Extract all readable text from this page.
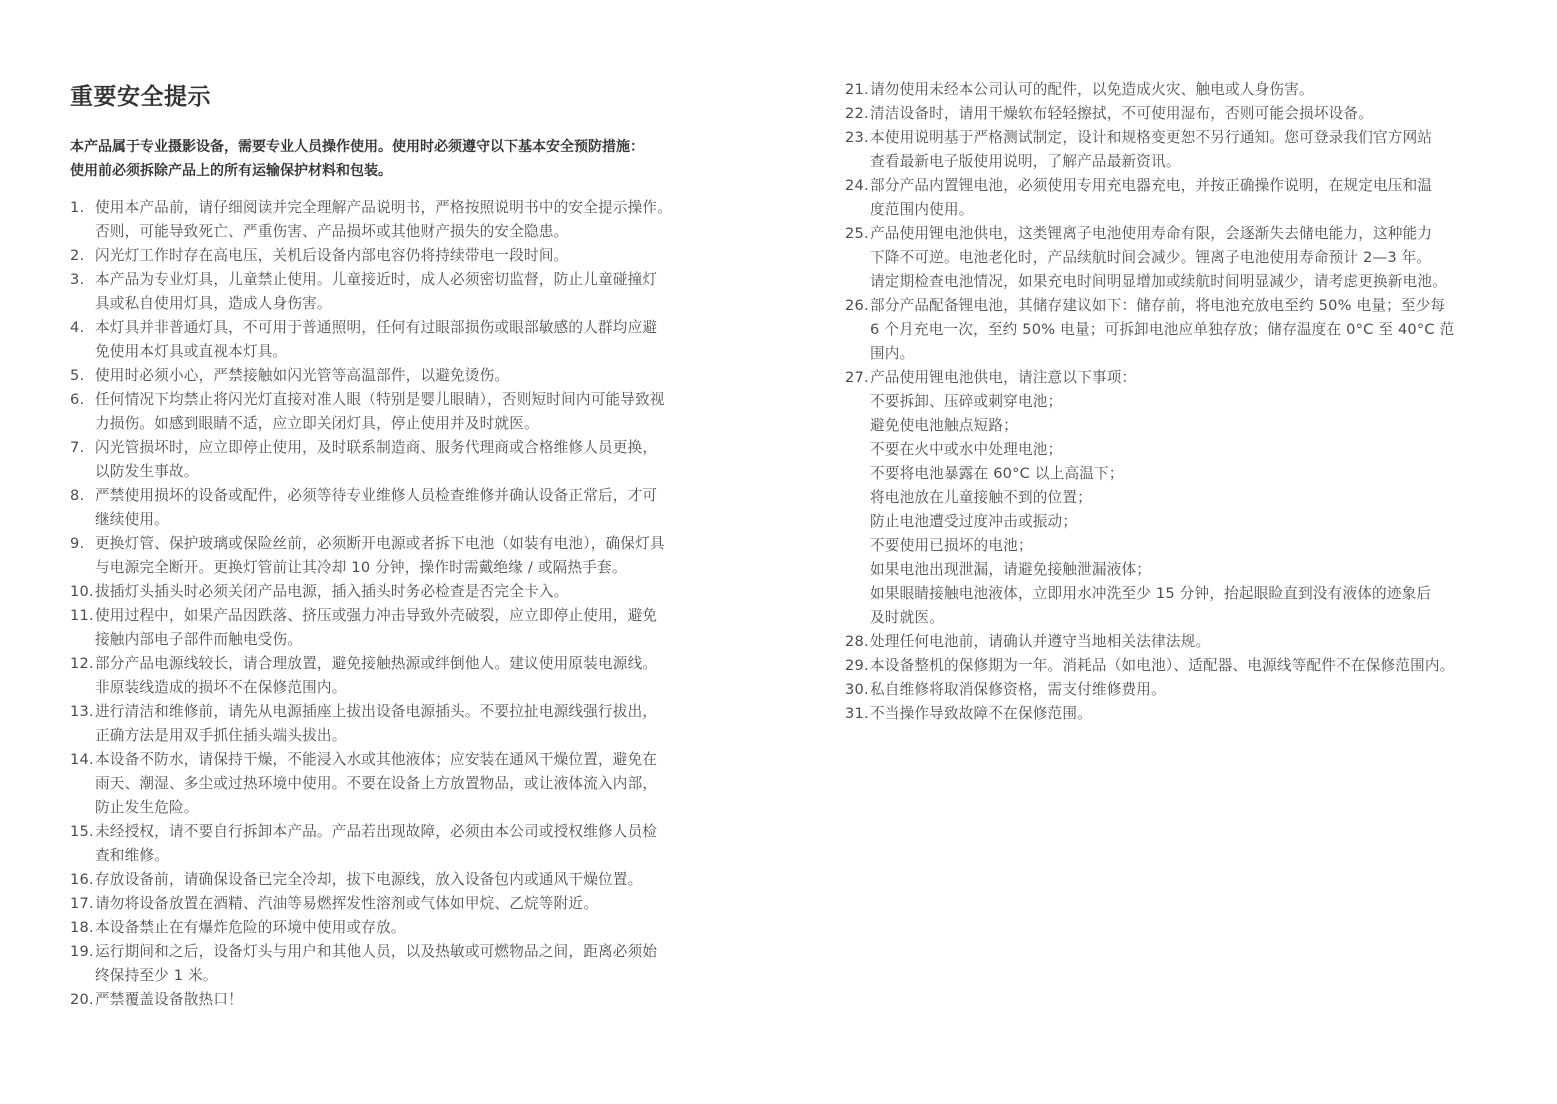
重要安全提示
本产品属于专业摄影设备，需要专业人员操作使用。使用时必须遵守以下基本安全预防措施：
使用前必须拆除产品上的所有运输保护材料和包装。
1. 使用本产品前，请仔细阅读并完全理解产品说明书，严格按照说明书中的安全提示操作。
否则，可能导致死亡、严重伤害、产品损坏或其他财产损失的安全隐患。
2. 闪光灯工作时存在高电压，关机后设备内部电容仍将持续带电一段时间。
3. 本产品为专业灯具，儿童禁止使用。儿童接近时，成人必须密切监督，防止儿童碰撞灯
具或私自使用灯具，造成人身伤害。
4. 本灯具并非普通灯具，不可用于普通照明，任何有过眼部损伤或眼部敏感的人群均应避
免使用本灯具或直视本灯具。
5. 使用时必须小心，严禁接触如闪光管等高温部件，以避免烫伤。
6. 任何情况下均禁止将闪光灯直接对准人眼（特别是婴儿眼睛），否则短时间内可能导致视
力损伤。如感到眼睛不适，应立即关闭灯具，停止使用并及时就医。
7. 闪光管损坏时，应立即停止使用，及时联系制造商、服务代理商或合格维修人员更换，
以防发生事故。
8. 严禁使用损坏的设备或配件，必须等待专业维修人员检查维修并确认设备正常后，才可
继续使用。
9. 更换灯管、保护玻璃或保险丝前，必须断开电源或者拆下电池（如装有电池），确保灯具
与电源完全断开。更换灯管前让其冷却 10 分钟，操作时需戴绝缘 / 或隔热手套。
10. 拔插灯头插头时必须关闭产品电源，插入插头时务必检查是否完全卡入。
11. 使用过程中，如果产品因跌落、挤压或强力冲击导致外壳破裂，应立即停止使用，避免
接触内部电子部件而触电受伤。
12. 部分产品电源线较长，请合理放置，避免接触热源或绊倒他人。建议使用原装电源线。
非原装线造成的损坏不在保修范围内。
13. 进行清洁和维修前，请先从电源插座上拔出设备电源插头。不要拉扯电源线强行拔出，
正确方法是用双手抓住插头端头拔出。
14. 本设备不防水，请保持干燥，不能浸入水或其他液体；应安装在通风干燥位置，避免在
雨天、潮湿、多尘或过热环境中使用。不要在设备上方放置物品，或让液体流入内部，
防止发生危险。
15. 未经授权，请不要自行拆卸本产品。产品若出现故障，必须由本公司或授权维修人员检
查和维修。
16. 存放设备前，请确保设备已完全冷却，拔下电源线，放入设备包内或通风干燥位置。
17. 请勿将设备放置在酒精、汽油等易燃挥发性溶剂或气体如甲烷、乙烷等附近。
18. 本设备禁止在有爆炸危险的环境中使用或存放。
19. 运行期间和之后，设备灯头与用户和其他人员，以及热敏或可燃物品之间，距离必须始
终保持至少 1 米。
20. 严禁覆盖设备散热口！
21. 请勿使用未经本公司认可的配件，以免造成火灾、触电或人身伤害。
22. 清洁设备时，请用干燥软布轻轻擦拭，不可使用湿布，否则可能会损坏设备。
23. 本使用说明基于严格测试制定，设计和规格变更恕不另行通知。您可登录我们官方网站
查看最新电子版使用说明，了解产品最新资讯。
24. 部分产品内置锂电池，必须使用专用充电器充电，并按正确操作说明，在规定电压和温
度范围内使用。
25. 产品使用锂电池供电，这类锂离子电池使用寿命有限，会逐渐失去储电能力，这种能力
下降不可逆。电池老化时，产品续航时间会减少。锂离子电池使用寿命预计 2—3 年。
请定期检查电池情况，如果充电时间明显增加或续航时间明显减少，请考虑更换新电池。
26. 部分产品配备锂电池，其储存建议如下：储存前，将电池充放电至约 50% 电量；至少每
6 个月充电一次，至约 50% 电量；可拆卸电池应单独存放；储存温度在 0°C 至 40°C 范
围内。
27. 产品使用锂电池供电，请注意以下事项：
不要拆卸、压碎或刺穿电池；
避免使电池触点短路；
不要在火中或水中处理电池；
不要将电池暴露在 60°C 以上高温下；
将电池放在儿童接触不到的位置；
防止电池遭受过度冲击或振动；
不要使用已损坏的电池；
如果电池出现泄漏，请避免接触泄漏液体；
如果眼睛接触电池液体，立即用水冲洗至少 15 分钟，抬起眼睑直到没有液体的迹象后
及时就医。
28. 处理任何电池前，请确认并遵守当地相关法律法规。
29. 本设备整机的保修期为一年。消耗品（如电池）、适配器、电源线等配件不在保修范围内。
30. 私自维修将取消保修资格，需支付维修费用。
31. 不当操作导致故障不在保修范围。
